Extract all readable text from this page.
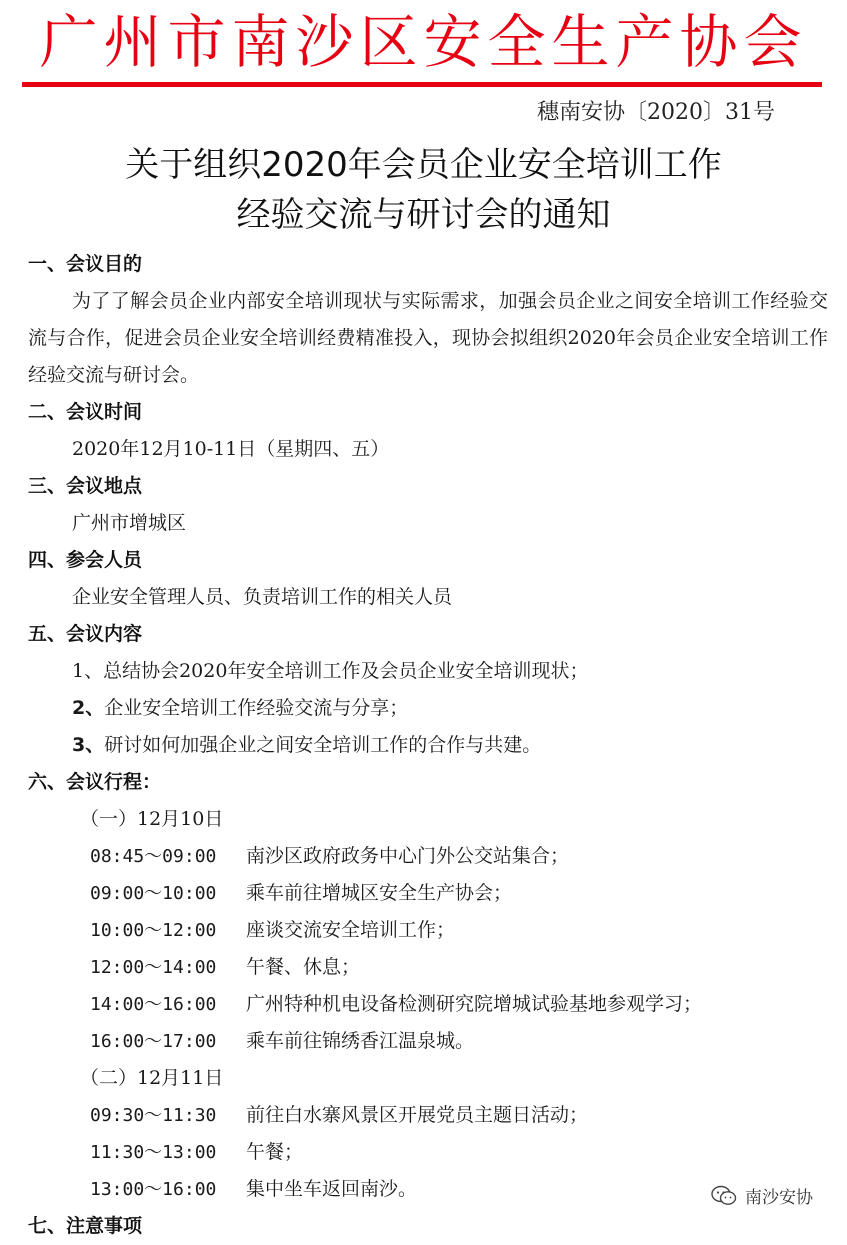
广州市南沙区安全生产协会
穗南安协〔2020〕31号
关于组织2020年会员企业安全培训工作
经验交流与研讨会的通知
一、会议目的
为了了解会员企业内部安全培训现状与实际需求，加强会员企业之间安全培训工作经验交流与合作，促进会员企业安全培训经费精准投入，现协会拟组织2020年会员企业安全培训工作经验交流与研讨会。
二、会议时间
2020年12月10-11日（星期四、五）
三、会议地点
广州市增城区
四、参会人员
企业安全管理人员、负责培训工作的相关人员
五、会议内容
1、总结协会2020年安全培训工作及会员企业安全培训现状；
2、企业安全培训工作经验交流与分享；
3、研讨如何加强企业之间安全培训工作的合作与共建。
六、会议行程：
（一）12月10日
08:45～09:00 南沙区政府政务中心门外公交站集合；
09:00～10:00 乘车前往增城区安全生产协会；
10:00～12:00 座谈交流安全培训工作；
12:00～14:00 午餐、休息；
14:00～16:00 广州特种机电设备检测研究院增城试验基地参观学习；
16:00～17:00 乘车前往锦绣香江温泉城。
（二）12月11日
09:30～11:30 前往白水寨风景区开展党员主题日活动；
11:30～13:00 午餐；
13:00～16:00 集中坐车返回南沙。
七、注意事项
南沙安协
